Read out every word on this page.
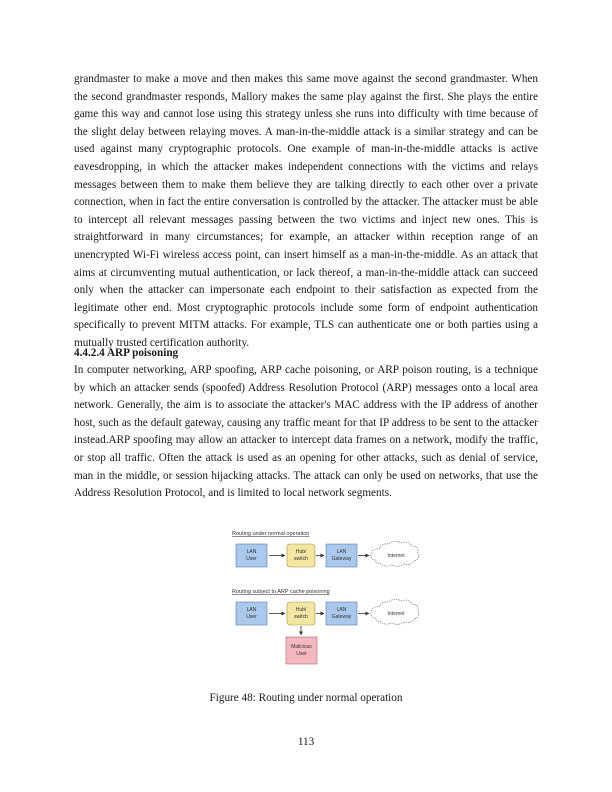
grandmaster to make a move and then makes this same move against the second grandmaster. When the second grandmaster responds, Mallory makes the same play against the first. She plays the entire game this way and cannot lose using this strategy unless she runs into difficulty with time because of the slight delay between relaying moves. A man-in-the-middle attack is a similar strategy and can be used against many cryptographic protocols. One example of man-in-the-middle attacks is active eavesdropping, in which the attacker makes independent connections with the victims and relays messages between them to make them believe they are talking directly to each other over a private connection, when in fact the entire conversation is controlled by the attacker. The attacker must be able to intercept all relevant messages passing between the two victims and inject new ones. This is straightforward in many circumstances; for example, an attacker within reception range of an unencrypted Wi-Fi wireless access point, can insert himself as a man-in-the-middle. As an attack that aims at circumventing mutual authentication, or lack thereof, a man-in-the-middle attack can succeed only when the attacker can impersonate each endpoint to their satisfaction as expected from the legitimate other end. Most cryptographic protocols include some form of endpoint authentication specifically to prevent MITM attacks. For example, TLS can authenticate one or both parties using a mutually trusted certification authority.

4.4.2.4 ARP poisoning

In computer networking, ARP spoofing, ARP cache poisoning, or ARP poison routing, is a technique by which an attacker sends (spoofed) Address Resolution Protocol (ARP) messages onto a local area network. Generally, the aim is to associate the attacker's MAC address with the IP address of another host, such as the default gateway, causing any traffic meant for that IP address to be sent to the attacker instead.ARP spoofing may allow an attacker to intercept data frames on a network, modify the traffic, or stop all traffic. Often the attack is used as an opening for other attacks, such as denial of service, man in the middle, or session hijacking attacks. The attack can only be used on networks, that use the Address Resolution Protocol, and is limited to local network segments.

Routing under normal operation
LAN
User
Hub/
switch
LAN
Gateway	Internet
Routing subject to ARP cache poisoning
LAN
User
Hub/
switch
LAN
Gateway	Internet
Malicious
User

Figure 48: Routing under normal operation

113
